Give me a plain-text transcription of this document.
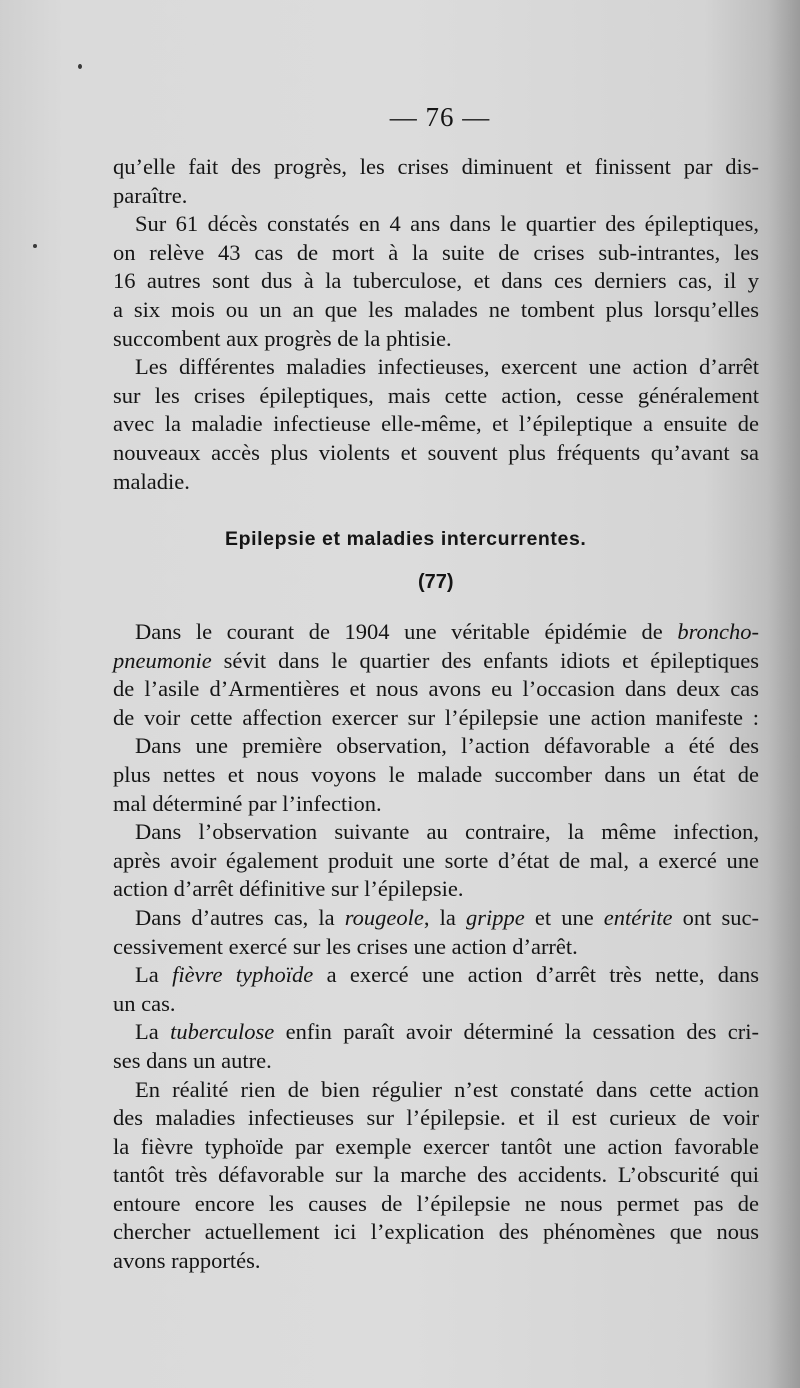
— 76 —
qu’elle fait des progrès, les crises diminuent et finissent par dis-
paraître.
Sur 61 décès constatés en 4 ans dans le quartier des épileptiques,
on relève 43 cas de mort à la suite de crises sub-intrantes, les
16 autres sont dus à la tuberculose, et dans ces derniers cas, il y
a six mois ou un an que les malades ne tombent plus lorsqu’elles
succombent aux progrès de la phtisie.
Les différentes maladies infectieuses, exercent une action d’arrêt
sur les crises épileptiques, mais cette action, cesse généralement
avec la maladie infectieuse elle-même, et l’épileptique a ensuite de
nouveaux accès plus violents et souvent plus fréquents qu’avant sa
maladie.
Epilepsie et maladies intercurrentes.
(77)
Dans le courant de 1904 une véritable épidémie de broncho-
pneumonie sévit dans le quartier des enfants idiots et épileptiques
de l’asile d’Armentières et nous avons eu l’occasion dans deux cas
de voir cette affection exercer sur l’épilepsie une action manifeste :
Dans une première observation, l’action défavorable a été des
plus nettes et nous voyons le malade succomber dans un état de
mal déterminé par l’infection.
Dans l’observation suivante au contraire, la même infection,
après avoir également produit une sorte d’état de mal, a exercé une
action d’arrêt définitive sur l’épilepsie.
Dans d’autres cas, la rougeole, la grippe et une entérite ont suc-
cessivement exercé sur les crises une action d’arrêt.
La fièvre typhoïde a exercé une action d’arrêt très nette, dans
un cas.
La tuberculose enfin paraît avoir déterminé la cessation des cri-
ses dans un autre.
En réalité rien de bien régulier n’est constaté dans cette action
des maladies infectieuses sur l’épilepsie. et il est curieux de voir
la fièvre typhoïde par exemple exercer tantôt une action favorable
tantôt très défavorable sur la marche des accidents. L’obscurité qui
entoure encore les causes de l’épilepsie ne nous permet pas de
chercher actuellement ici l’explication des phénomènes que nous
avons rapportés.
